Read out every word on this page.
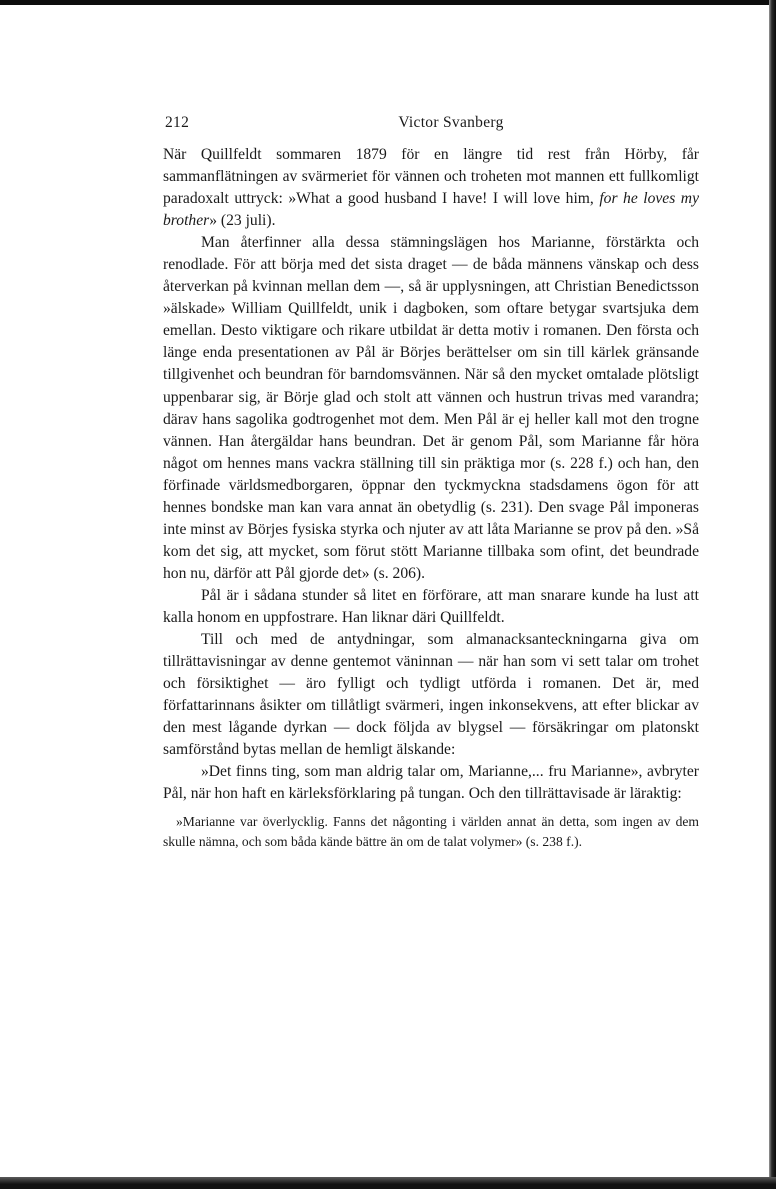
212	Victor Svanberg

När Quillfeldt sommaren 1879 för en längre tid rest från Hörby, får sammanflätningen av svärmeriet för vännen och troheten mot mannen ett fullkomligt paradoxalt uttryck: »What a good husband I have! I will love him, for he loves my brother» (23 juli).

Man återfinner alla dessa stämningslägen hos Marianne, förstärkta och renodlade. För att börja med det sista draget — de båda männens vänskap och dess återverkan på kvinnan mellan dem —, så är upplysningen, att Christian Benedictsson »älskade» William Quillfeldt, unik i dagboken, som oftare betygar svartsjuka dem emellan. Desto viktigare och rikare utbildat är detta motiv i romanen. Den första och länge enda presentationen av Pål är Börjes berättelser om sin till kärlek gränsande tillgivenhet och beundran för barndomsvännen. När så den mycket omtalade plötsligt uppenbarar sig, är Börje glad och stolt att vännen och hustrun trivas med varandra; därav hans sagolika godtrogenhet mot dem. Men Pål är ej heller kall mot den trogne vännen. Han återgäldar hans beundran. Det är genom Pål, som Marianne får höra något om hennes mans vackra ställning till sin präktiga mor (s. 228 f.) och han, den förfinade världsmedborgaren, öppnar den tyckmyckna stadsdamens ögon för att hennes bondske man kan vara annat än obetydlig (s. 231). Den svage Pål imponeras inte minst av Börjes fysiska styrka och njuter av att låta Marianne se prov på den. »Så kom det sig, att mycket, som förut stött Marianne tillbaka som ofint, det beundrade hon nu, därför att Pål gjorde det» (s. 206).

Pål är i sådana stunder så litet en förförare, att man snarare kunde ha lust att kalla honom en uppfostrare. Han liknar däri Quillfeldt.

Till och med de antydningar, som almanacksanteckningarna giva om tillrättavisningar av denne gentemot väninnan — när han som vi sett talar om trohet och försiktighet — äro fylligt och tydligt utförda i romanen. Det är, med författarinnans åsikter om tillåtligt svärmeri, ingen inkonsekvens, att efter blickar av den mest lågande dyrkan — dock följda av blygsel — försäkringar om platonskt samförstånd bytas mellan de hemligt älskande:

»Det finns ting, som man aldrig talar om, Marianne,... fru Marianne», avbryter Pål, när hon haft en kärleksförklaring på tungan. Och den tillrättavisade är läraktig:

»Marianne var överlycklig. Fanns det någonting i världen annat än detta, som ingen av dem skulle nämna, och som båda kände bättre än om de talat volymer» (s. 238 f.).
